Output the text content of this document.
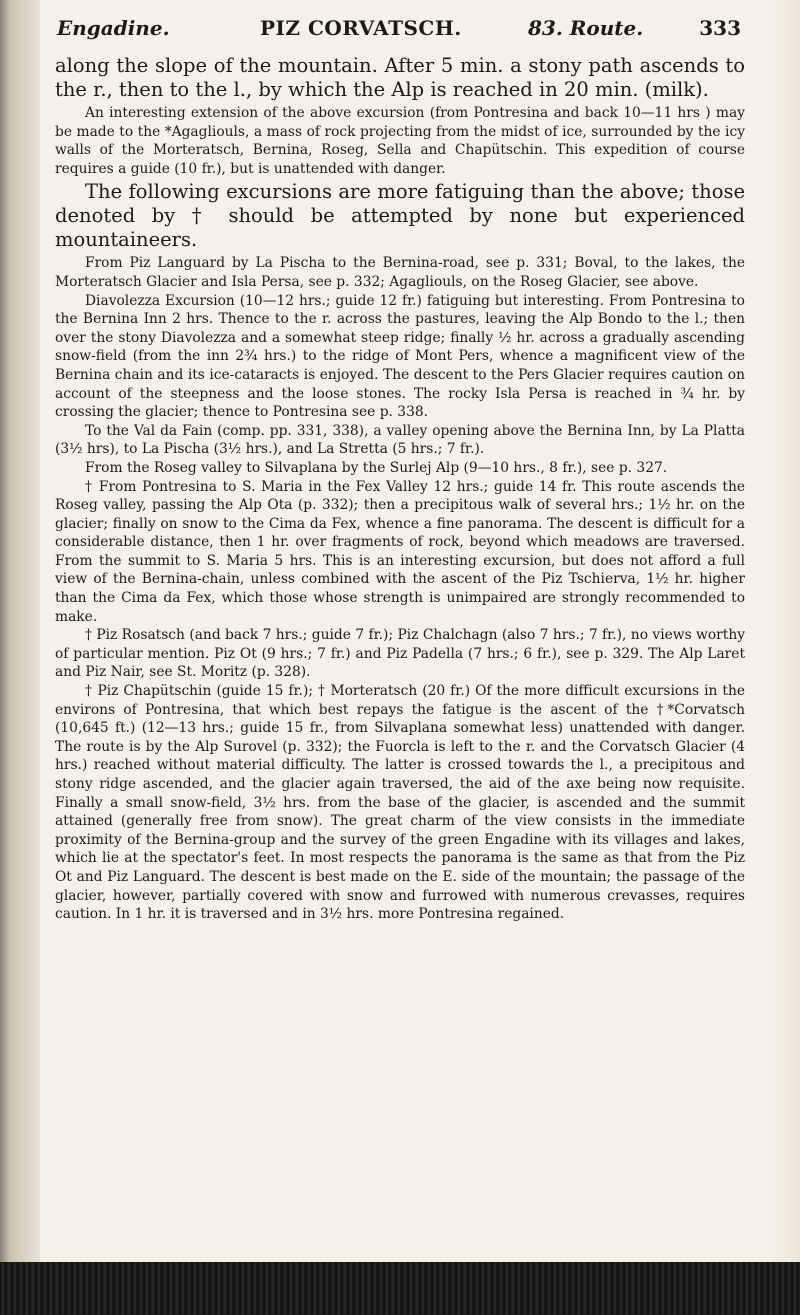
Engadine.	PIZ CORVATSCH.	83. Route.	333

along the slope of the mountain. After 5 min. a stony path ascends to the r., then to the l., by which the Alp is reached in 20 min. (milk).

An interesting extension of the above excursion (from Pontresina and back 10—11 hrs ) may be made to the *Agagliouls, a mass of rock projecting from the midst of ice, surrounded by the icy walls of the Morteratsch, Bernina, Roseg, Sella and Chapütschin. This expedition of course requires a guide (10 fr.), but is unattended with danger.

The following excursions are more fatiguing than the above; those denoted by † should be attempted by none but experienced mountaineers.

From Piz Languard by La Pischa to the Bernina-road, see p. 331; Boval, to the lakes, the Morteratsch Glacier and Isla Persa, see p. 332; Agagliouls, on the Roseg Glacier, see above.

Diavolezza Excursion (10—12 hrs.; guide 12 fr.) fatiguing but interesting. From Pontresina to the Bernina Inn 2 hrs. Thence to the r. across the pastures, leaving the Alp Bondo to the l.; then over the stony Diavolezza and a somewhat steep ridge; finally ½ hr. across a gradually ascending snow-field (from the inn 2¾ hrs.) to the ridge of Mont Pers, whence a magnificent view of the Bernina chain and its ice-cataracts is enjoyed. The descent to the Pers Glacier requires caution on account of the steepness and the loose stones. The rocky Isla Persa is reached in ¾ hr. by crossing the glacier; thence to Pontresina see p. 338.

To the Val da Fain (comp. pp. 331, 338), a valley opening above the Bernina Inn, by La Platta (3½ hrs), to La Pischa (3½ hrs.), and La Stretta (5 hrs.; 7 fr.).

From the Roseg valley to Silvaplana by the Surlej Alp (9—10 hrs., 8 fr.), see p. 327.

† From Pontresina to S. Maria in the Fex Valley 12 hrs.; guide 14 fr. This route ascends the Roseg valley, passing the Alp Ota (p. 332); then a precipitous walk of several hrs.; 1½ hr. on the glacier; finally on snow to the Cima da Fex, whence a fine panorama. The descent is difficult for a considerable distance, then 1 hr. over fragments of rock, beyond which meadows are traversed. From the summit to S. Maria 5 hrs. This is an interesting excursion, but does not afford a full view of the Bernina-chain, unless combined with the ascent of the Piz Tschierva, 1½ hr. higher than the Cima da Fex, which those whose strength is unimpaired are strongly recommended to make.

† Piz Rosatsch (and back 7 hrs.; guide 7 fr.); Piz Chalchagn (also 7 hrs.; 7 fr.), no views worthy of particular mention. Piz Ot (9 hrs.; 7 fr.) and Piz Padella (7 hrs.; 6 fr.), see p. 329. The Alp Laret and Piz Nair, see St. Moritz (p. 328).

† Piz Chapütschin (guide 15 fr.); † Morteratsch (20 fr.) Of the more difficult excursions in the environs of Pontresina, that which best repays the fatigue is the ascent of the †*Corvatsch (10,645 ft.) (12—13 hrs.; guide 15 fr., from Silvaplana somewhat less) unattended with danger. The route is by the Alp Surovel (p. 332); the Fuorcla is left to the r. and the Corvatsch Glacier (4 hrs.) reached without material difficulty. The latter is crossed towards the l., a precipitous and stony ridge ascended, and the glacier again traversed, the aid of the axe being now requisite. Finally a small snow-field, 3½ hrs. from the base of the glacier, is ascended and the summit attained (generally free from snow). The great charm of the view consists in the immediate proximity of the Bernina-group and the survey of the green Engadine with its villages and lakes, which lie at the spectator's feet. In most respects the panorama is the same as that from the Piz Ot and Piz Languard. The descent is best made on the E. side of the mountain; the passage of the glacier, however, partially covered with snow and furrowed with numerous crevasses, requires caution. In 1 hr. it is traversed and in 3½ hrs. more Pontresina regained.
